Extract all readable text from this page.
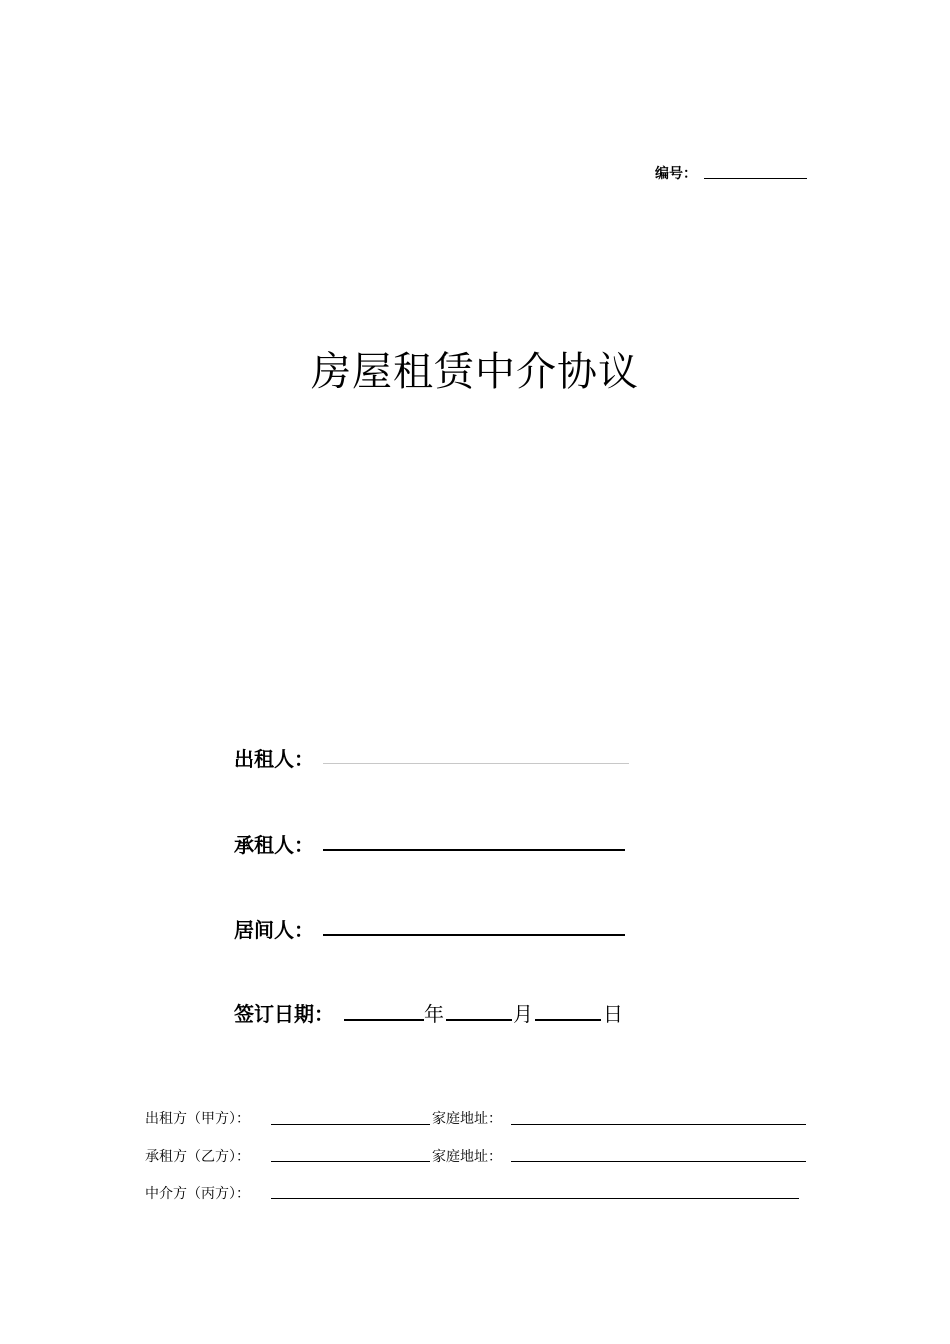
编号：
房屋租赁中介协议
出租人：
承租人：
居间人：
签订日期：	年	月	日
出租方（甲方）：	家庭地址：
承租方（乙方）：	家庭地址：
中介方（丙方）：
